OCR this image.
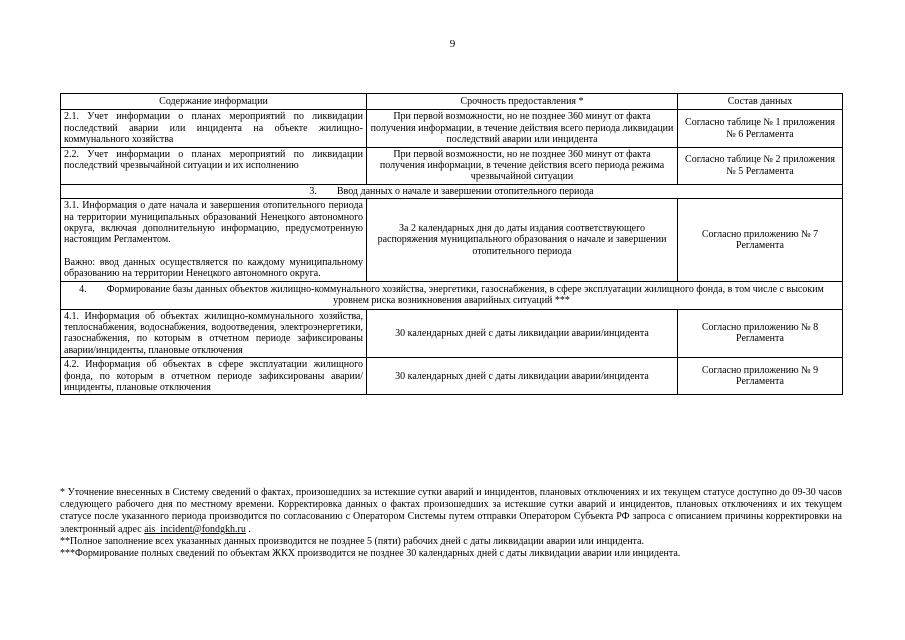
9
Содержание информации	Срочность предоставления *	Состав данных
2.1. Учет информации о планах мероприятий по ликвидации последствий аварии или инцидента на объекте жилищно-коммунального хозяйства	При первой возможности, но не позднее 360 минут от факта получения информации, в течение действия всего периода ликвидации последствий аварии или инцидента	Согласно таблице № 1 приложения № 6 Регламента
2.2. Учет информации о планах мероприятий по ликвидации последствий чрезвычайной ситуации и их исполнению	При первой возможности, но не позднее 360 минут от факта получения информации, в течение действия всего периода режима чрезвычайной ситуации	Согласно таблице № 2 приложения № 5 Регламента
3.        Ввод данных о начале и завершении отопительного периода		

3.1. Информация о дате начала и завершения отопительного периода на территории муниципальных образований Ненецкого автономного округа, включая дополнительную информацию, предусмотренную настоящим Регламентом.
Важно: ввод данных осуществляется по каждому муниципальному образованию на территории Ненецкого автономного округа.	За 2 календарных дня до даты издания соответствующего распоряжения муниципального образования о начале и завершении отопительного периода	Согласно приложению № 7 Регламента
4.        Формирование базы данных объектов жилищно-коммунального хозяйства, энергетики, газоснабжения, в сфере эксплуатации жилищного фонда, в том числе с высоким уровнем риска возникновения аварийных ситуаций ***		
4.1. Информация об объектах жилищно-коммунального хозяйства, теплоснабжения, водоснабжения, водоотведения, электроэнергетики, газоснабжения, по которым в отчетном периоде зафиксированы аварии/инциденты, плановые отключения	30 календарных дней с даты ликвидации аварии/инцидента	Согласно приложению № 8 Регламента
4.2. Информация об объектах в сфере эксплуатации жилищного фонда, по которым в отчетном периоде зафиксированы аварии/инциденты, плановые отключения	30 календарных дней с даты ликвидации аварии/инцидента	Согласно приложению № 9 Регламента

* Уточнение внесенных в Систему сведений о фактах, произошедших за истекшие сутки аварий и инцидентов, плановых отключениях и их текущем статусе доступно до 09-30 часов следующего рабочего дня по местному времени. Корректировка данных о фактах произошедших за истекшие сутки аварий и инцидентов, плановых отключениях и их текущем статусе после указанного периода производится по согласованию с Оператором Системы путем отправки Оператором Субъекта РФ запроса с описанием причины корректировки на электронный адрес ais_incident@fondgkh.ru .

**Полное заполнение всех указанных данных производится не позднее 5 (пяти) рабочих дней с даты ликвидации аварии или инцидента.

***Формирование полных сведений по объектам ЖКХ производится не позднее 30 календарных дней с даты ликвидации аварии или инцидента.
